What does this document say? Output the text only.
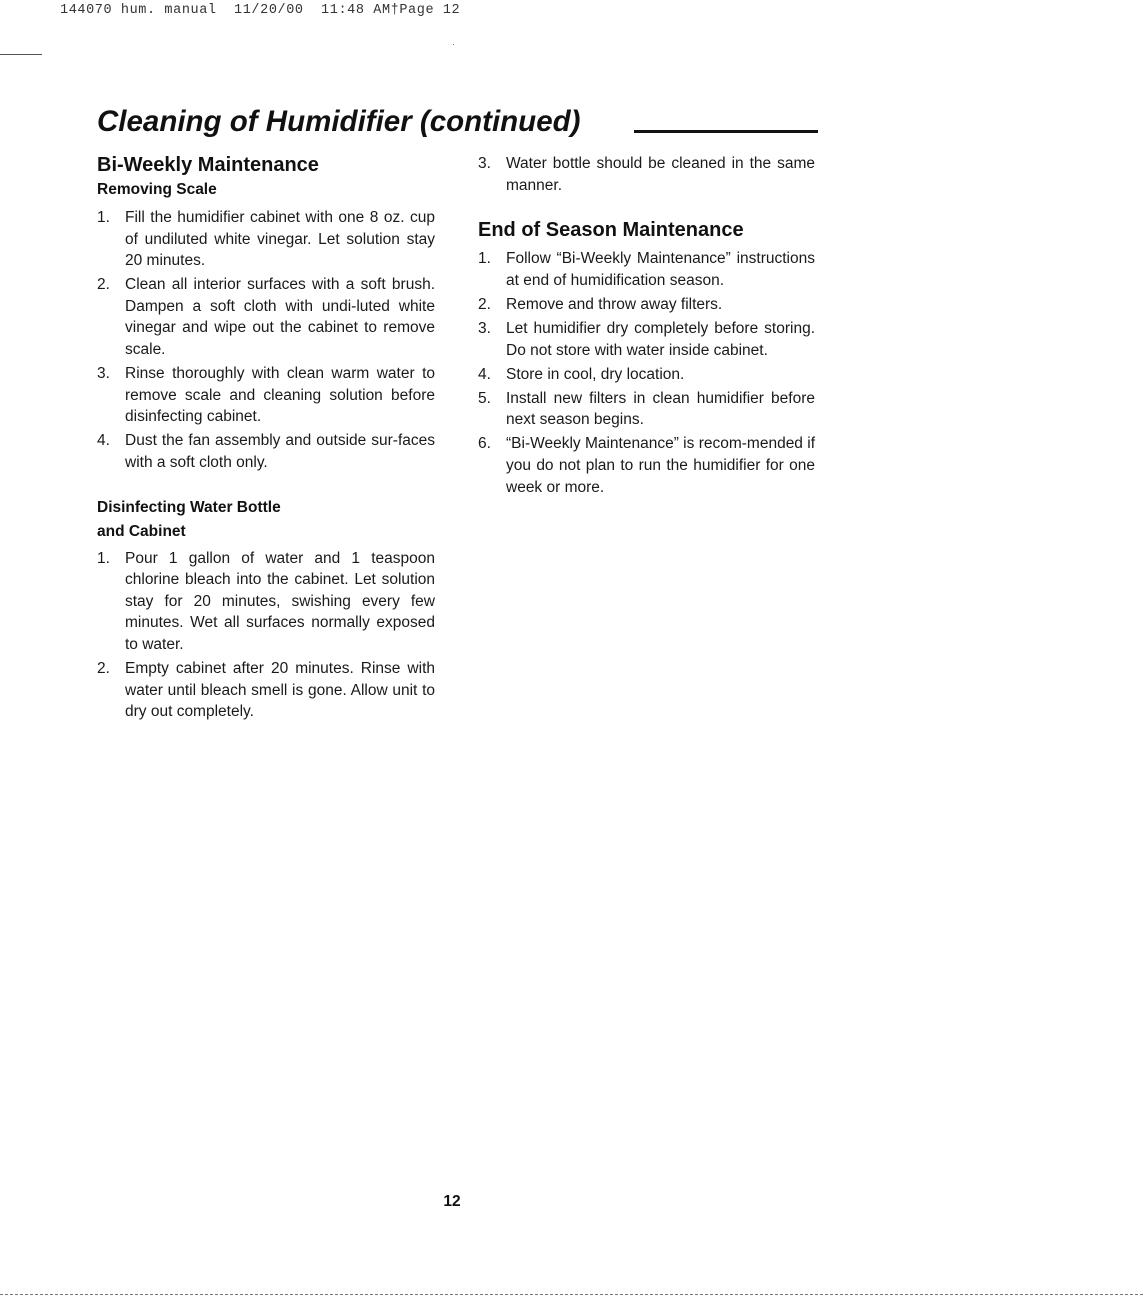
144070 hum. manual  11/20/00  11:48 AM†Page 12
Cleaning of Humidifier (continued)
Bi-Weekly Maintenance
Removing Scale
1. Fill the humidifier cabinet with one 8 oz. cup of undiluted white vinegar. Let solution stay 20 minutes.
2. Clean all interior surfaces with a soft brush. Dampen a soft cloth with undi-luted white vinegar and wipe out the cabinet to remove scale.
3. Rinse thoroughly with clean warm water to remove scale and cleaning solution before disinfecting cabinet.
4. Dust the fan assembly and outside sur-faces with a soft cloth only.
Disinfecting Water Bottle
and Cabinet
1. Pour 1 gallon of water and 1 teaspoon chlorine bleach into the cabinet. Let solution stay for 20 minutes, swishing every few minutes. Wet all surfaces normally exposed to water.
2. Empty cabinet after 20 minutes. Rinse with water until bleach smell is gone. Allow unit to dry out completely.
3. Water bottle should be cleaned in the same manner.
End of Season Maintenance
1. Follow “Bi-Weekly Maintenance” instructions at end of humidification season.
2. Remove and throw away filters.
3. Let humidifier dry completely before storing. Do not store with water inside cabinet.
4. Store in cool, dry location.
5. Install new filters in clean humidifier before next season begins.
6. “Bi-Weekly Maintenance” is recom-mended if you do not plan to run the humidifier for one week or more.
12
